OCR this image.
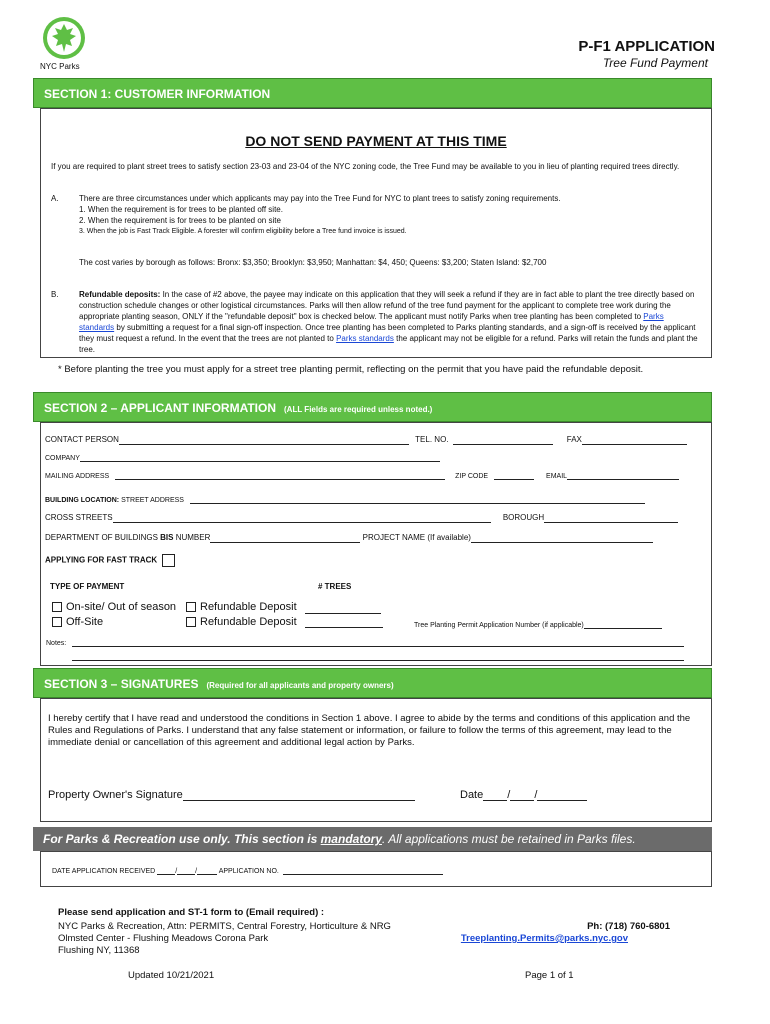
NYC Parks
P-F1 APPLICATION
Tree Fund Payment
SECTION 1: CUSTOMER INFORMATION
DO NOT SEND PAYMENT AT THIS TIME
If you are required to plant street trees to satisfy section 23-03 and 23-04 of the NYC zoning code, the Tree Fund may be available to you in lieu of planting required trees directly.
A.	There are three circumstances under which applicants may pay into the Tree Fund for NYC to plant trees to satisfy zoning requirements.
1. When the requirement is for trees to be planted off site.
2. When the requirement is for trees to be planted on site
3. When the job is Fast Track Eligible. A forester will confirm eligibility before a Tree fund invoice is issued.
The cost varies by borough as follows: Bronx: $3,350; Brooklyn: $3,950; Manhattan: $4, 450; Queens: $3,200; Staten Island: $2,700
B.	Refundable deposits: In the case of #2 above, the payee may indicate on this application that they will seek a refund if they are in fact able to plant the tree directly based on construction schedule changes or other logistical circumstances. Parks will then allow refund of the tree fund payment for the applicant to complete tree work during the appropriate planting season, ONLY if the "refundable deposit" box is checked below. The applicant must notify Parks when tree planting has been completed to Parks standards by submitting a request for a final sign-off inspection. Once tree planting has been completed to Parks planting standards, and a sign-off is received by the applicant they must request a refund. In the event that the trees are not planted to Parks standards the applicant may not be eligible for a refund. Parks will retain the funds and plant the tree.
* Before planting the tree you must apply for a street tree planting permit, reflecting on the permit that you have paid the refundable deposit.
SECTION 2 – APPLICANT INFORMATION (ALL Fields are required unless noted.)
CONTACT PERSON	TEL. NO.	FAX
COMPANY
MAILING ADDRESS	ZIP CODE	EMAIL
BUILDING LOCATION: STREET ADDRESS
CROSS STREETS	BOROUGH
DEPARTMENT OF BUILDINGS BIS NUMBER	PROJECT NAME (If available)
APPLYING FOR FAST TRACK
TYPE OF PAYMENT	# TREES
On-site/ Out of season	Refundable Deposit
Off-Site	Refundable Deposit	Tree Planting Permit Application Number (if applicable)
Notes:
SECTION 3 – SIGNATURES (Required for all applicants and property owners)
I hereby certify that I have read and understood the conditions in Section 1 above. I agree to abide by the terms and conditions of this application and the Rules and Regulations of Parks. I understand that any false statement or information, or failure to follow the terms of this agreement, may lead to the immediate denial or cancellation of this agreement and additional legal action by Parks.
Property Owner's Signature	Date / /
For Parks & Recreation use only. This section is mandatory. All applications must be retained in Parks files.
DATE APPLICATION RECEIVED	/	/	APPLICATION NO.
Please send application and ST-1 form to (Email required) :
NYC Parks & Recreation, Attn: PERMITS, Central Forestry, Horticulture & NRG
Olmsted Center - Flushing Meadows Corona Park
Flushing NY, 11368
Ph: (718) 760-6801
Treeplanting.Permits@parks.nyc.gov
Updated 10/21/2021	Page 1 of 1
